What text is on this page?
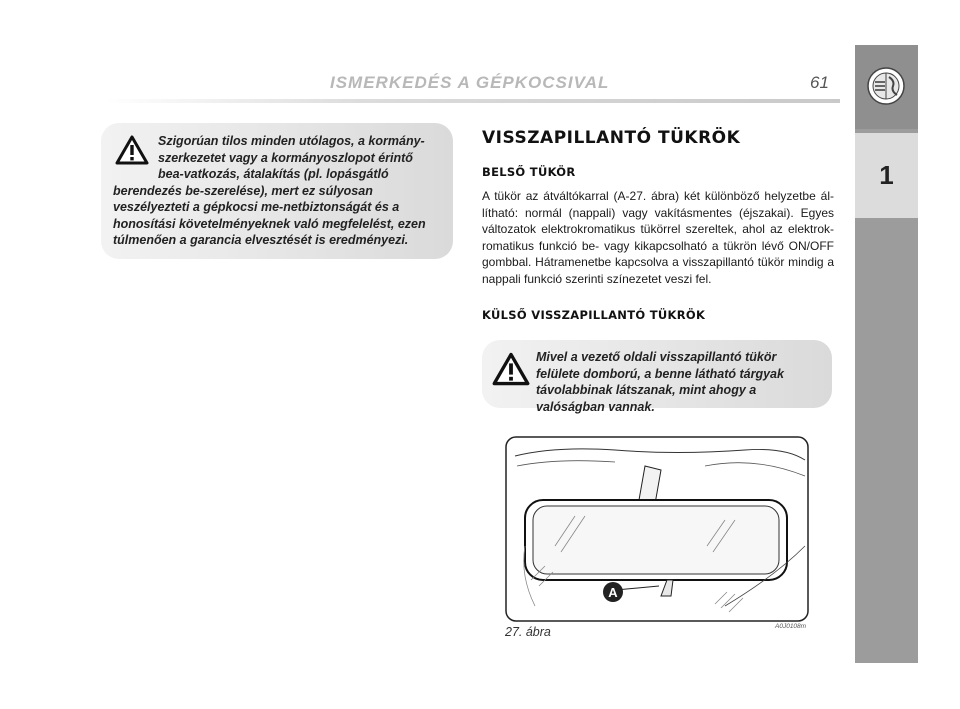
1
ISMERKEDÉS A GÉPKOCSIVAL	61
Szigorúan tilos minden utólagos, a kormány-szerkezetet vagy a kormányoszlopot érintő bea-vatkozás, átalakítás (pl. lopásgátló berendezés be-szerelése), mert ez súlyosan veszélyezteti a gépkocsi me-netbiztonságát és a honosítási követelményeknek való megfelelést, ezen túlmenően a garancia elvesztését is eredményezi.
VISSZAPILLANTÓ TÜKRÖK
BELSŐ TÜKÖR
A tükör az átváltókarral (A-27. ábra) két különböző helyzetbe ál-lítható: normál (nappali) vagy vakításmentes (éjszakai). Egyes változatok elektrokromatikus tükörrel szereltek, ahol az elektrok-romatikus funkció be- vagy kikapcsolható a tükrön lévő ON/OFF gombbal. Hátramenetbe kapcsolva a visszapillantó tükör mindig a nappali funkció szerinti színezetet veszi fel.
KÜLSŐ VISSZAPILLANTÓ TÜKRÖK
Mivel a vezető oldali visszapillantó tükör felülete domború, a benne látható tárgyak távolabbinak látszanak, mint ahogy a valóságban vannak.
A
27. ábra	A0J0108m
